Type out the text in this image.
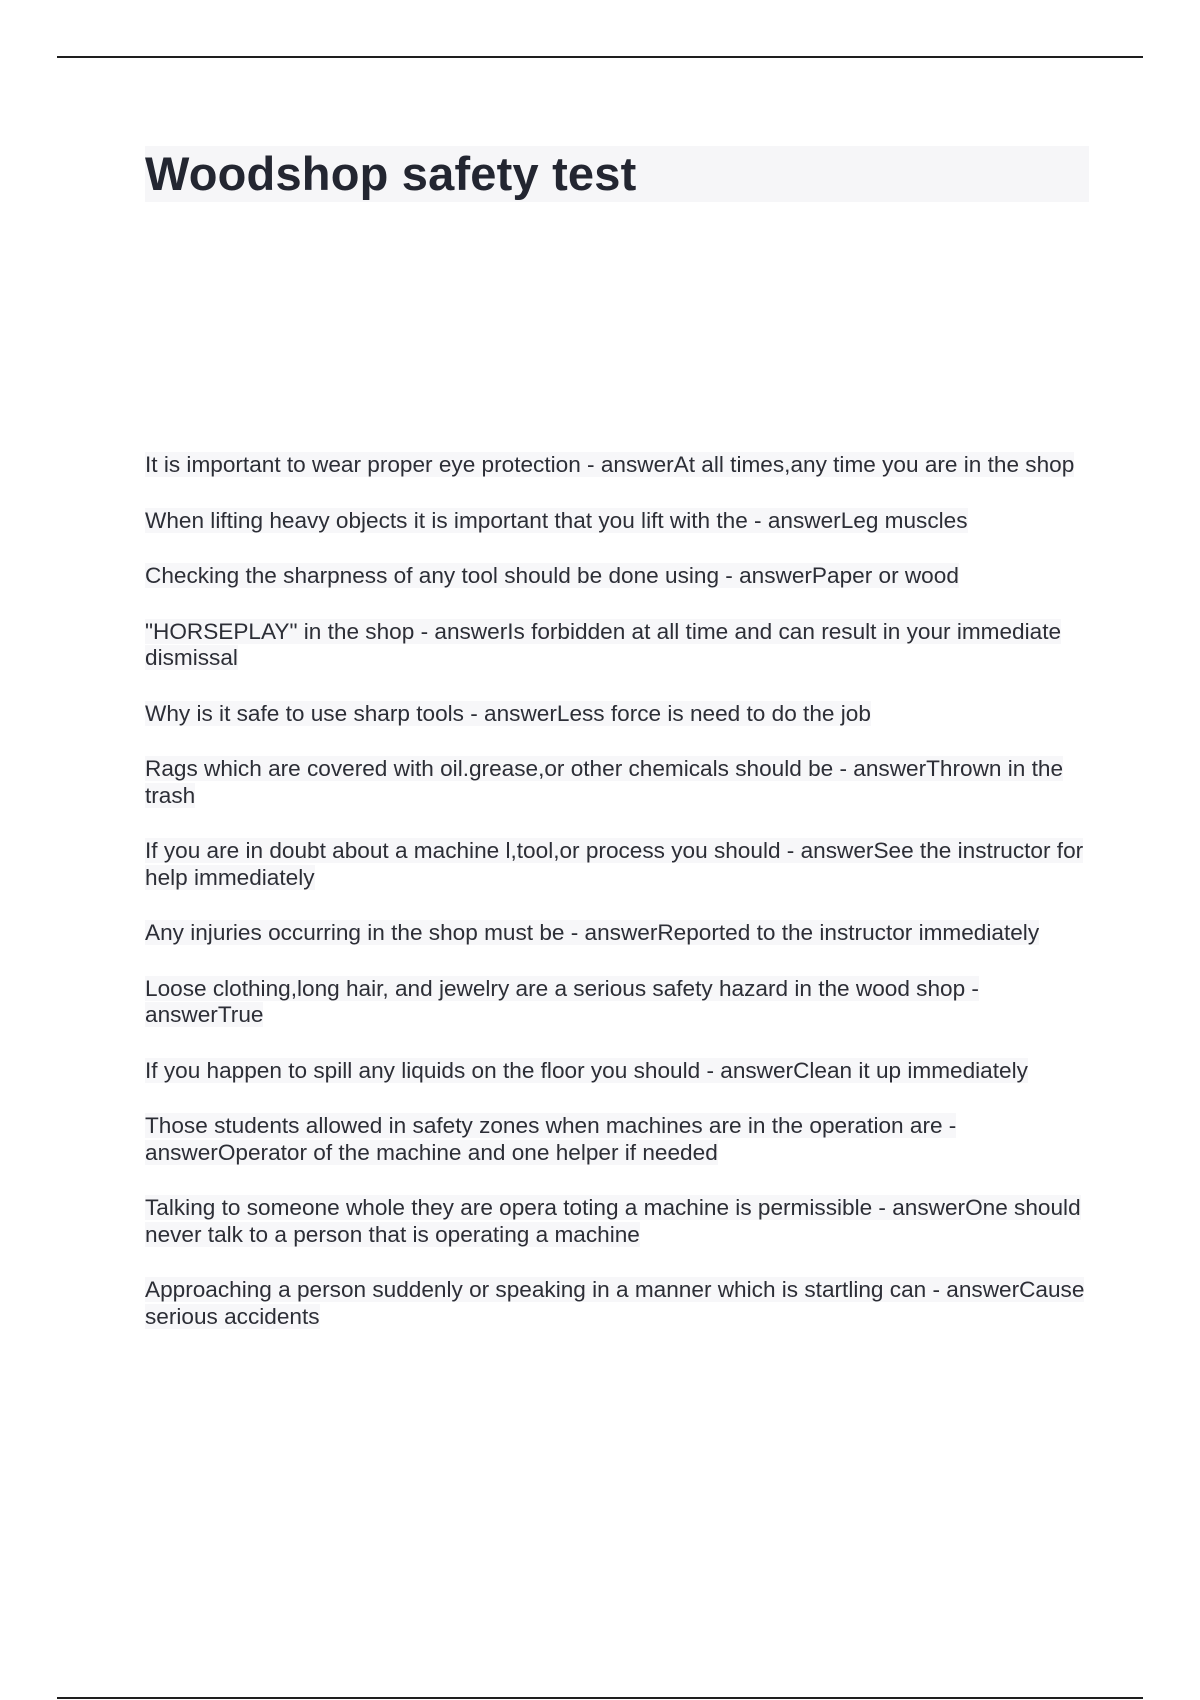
Woodshop safety test
It is important to wear proper eye protection - answerAt all times,any time you are in the shop
When lifting heavy objects it is important that you lift with the - answerLeg muscles
Checking the sharpness of any tool should be done using - answerPaper or wood
"HORSEPLAY" in the shop - answerIs forbidden at all time and can result in your immediate dismissal
Why is it safe to use sharp tools - answerLess force is need to do the job
Rags which are covered with oil.grease,or other chemicals should be - answerThrown in the trash
If you are in doubt about a machine l,tool,or process you should - answerSee the instructor for help immediately
Any injuries occurring in the shop must be - answerReported to the instructor immediately
Loose clothing,long hair, and jewelry are a serious safety hazard in the wood shop - answerTrue
If you happen to spill any liquids on the floor you should - answerClean it up immediately
Those students allowed in safety zones when machines are in the operation are - answerOperator of the machine and one helper if needed
Talking to someone whole they are opera toting a machine is permissible - answerOne should never talk to a person that is operating a machine
Approaching a person suddenly or speaking in a manner which is startling can - answerCause serious accidents
